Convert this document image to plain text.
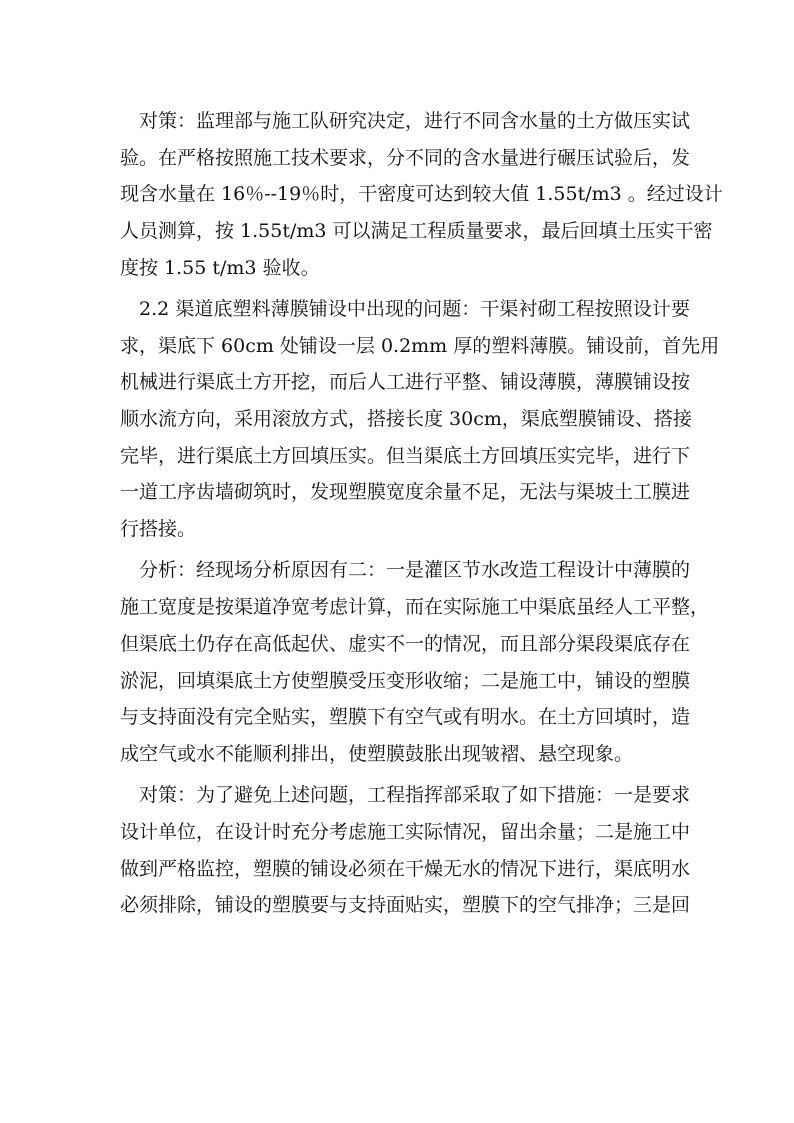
对策：监理部与施工队研究决定，进行不同含水量的土方做压实试
验。在严格按照施工技术要求，分不同的含水量进行碾压试验后，发
现含水量在 16％--19％时，干密度可达到较大值 1.55t/m3 。经过设计
人员测算，按 1.55t/m3 可以满足工程质量要求，最后回填土压实干密
度按 1.55 t/m3 验收。
2.2 渠道底塑料薄膜铺设中出现的问题：干渠衬砌工程按照设计要
求，渠底下 60cm 处铺设一层 0.2mm 厚的塑料薄膜。铺设前，首先用
机械进行渠底土方开挖，而后人工进行平整、铺设薄膜，薄膜铺设按
顺水流方向，采用滚放方式，搭接长度 30cm，渠底塑膜铺设、搭接
完毕，进行渠底土方回填压实。但当渠底土方回填压实完毕，进行下
一道工序齿墙砌筑时，发现塑膜宽度余量不足，无法与渠坡土工膜进
行搭接。
分析：经现场分析原因有二：一是灌区节水改造工程设计中薄膜的
施工宽度是按渠道净宽考虑计算，而在实际施工中渠底虽经人工平整，
但渠底土仍存在高低起伏、虚实不一的情况，而且部分渠段渠底存在
淤泥，回填渠底土方使塑膜受压变形收缩；二是施工中，铺设的塑膜
与支持面没有完全贴实，塑膜下有空气或有明水。在土方回填时，造
成空气或水不能顺利排出，使塑膜鼓胀出现皱褶、悬空现象。
对策：为了避免上述问题，工程指挥部采取了如下措施：一是要求
设计单位，在设计时充分考虑施工实际情况，留出余量；二是施工中
做到严格监控，塑膜的铺设必须在干燥无水的情况下进行，渠底明水
必须排除，铺设的塑膜要与支持面贴实，塑膜下的空气排净；三是回
